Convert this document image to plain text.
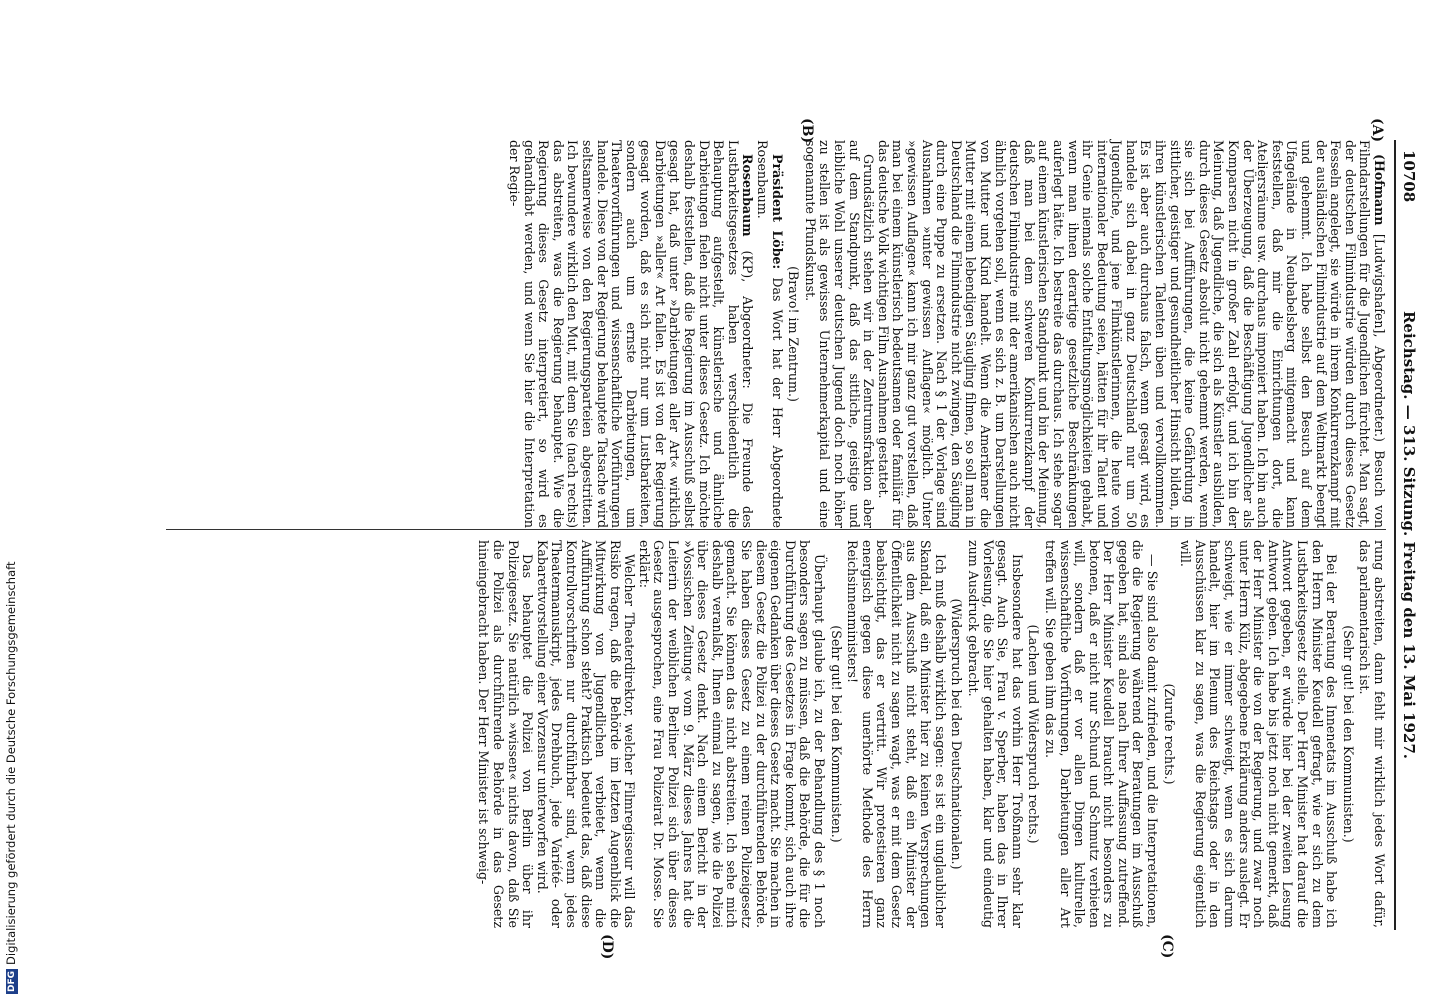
10708
Reichstag. — 313. Sitzung. Freitag den 13. Mai 1927.
(A)
(B)
(C)
(D)

(Hofmann [Ludwigshafen], Abgeordneter.) Besuch von Filmdarstellungen für die Jugendlichen fürchtet. Man sagt, der deutschen Filmindustrie würden durch dieses Gesetz Fesseln angelegt, sie würde in ihrem Konkurrenzkampf mit der ausländischen Filmindustrie auf dem Weltmarkt beengt und gehemmt. Ich habe selbst den Besuch auf dem Ufagelände in Neubabelsberg mitgemacht und kann feststellen, daß mir die Einrichtungen dort, die Ateliersräume usw. durchaus imponiert haben. Ich bin auch der Überzeugung, daß die Beschäftigung Jugendlicher als Komparsen nicht in großer Zahl erfolgt, und ich bin der Meinung, daß Jugendliche, die sich als Künstler ausbilden, durch dieses Gesetz absolut nicht gehemmt werden, wenn sie sich bei Aufführungen, die keine Gefährdung in sittlicher, geistiger und gesundheitlicher Hinsicht bilden, in ihren künstlerischen Talenten üben und vervollkommnen. Es ist aber auch durchaus falsch, wenn gesagt wird, es handele sich dabei in ganz Deutschland nur um 50 Jugendliche, und jene Filmkünstlerinnen, die heute von internationaler Bedeutung seien, hätten für ihr Talent und ihr Genie niemals solche Entfaltungsmöglichkeiten gehabt, wenn man ihnen derartige gesetzliche Beschränkungen auferlegt hätte. Ich bestreite das durchaus. Ich stehe sogar auf einem künstlerischen Standpunkt und bin der Meinung, daß man bei dem schweren Konkurrenzkampf der deutschen Filmindustrie mit der amerikanischen auch nicht ähnlich vorgehen soll, wenn es sich z. B. um Darstellungen von Mutter und Kind handelt. Wenn die Amerikaner die Mutter mit einem lebendigen Säugling filmen, so soll man in Deutschland die Filmindustrie nicht zwingen, den Säugling durch eine Puppe zu ersetzen. Nach § 1 der Vorlage sind Ausnahmen »unter gewissen Auflagen« möglich. Unter »gewissen Auflagen« kann ich mir ganz gut vorstellen, daß man bei einem künstlerisch bedeutsamen oder familiär für das deutsche Volk wichtigen Film Ausnahmen gestattet.

Grundsätzlich stehen wir in der Zentrumsfraktion aber auf dem Standpunkt, daß das sittliche, geistige und leibliche Wohl unserer deutschen Jugend doch noch höher zu stellen ist als gewisses Unternehmerkapital und eine sogenannte Pfundskunst.

(Bravo! im Zentrum.)

Präsident Löbe: Das Wort hat der Herr Abgeordnete Rosenbaum.

Rosenbaum (KP), Abgeordneter: Die Freunde des Lustbarkeitsgesetzes haben verschiedentlich die Behauptung aufgestellt, künstlerische und ähnliche Darbietungen fielen nicht unter dieses Gesetz. Ich möchte deshalb feststellen, daß die Regierung im Ausschuß selbst gesagt hat, daß unter »Darbietungen aller Art« wirklich Darbietungen »aller« Art fallen. Es ist von der Regierung gesagt worden, daß es sich nicht nur um Lustbarkeiten, sondern auch um ernste Darbietungen, um Theatervorführungen und wissenschaftliche Vorführungen handele. Diese von der Regierung behauptete Tatsache wird seltsamerweise von den Regierungsparteien abgestritten. Ich bewundere wirklich den Mut, mit dem Sie (nach rechts) das abstreiten, was die Regierung behauptet. Wie die Regierung dieses Gesetz interpretiert, so wird es gehandhabt werden, und wenn Sie hier die Interpretation der Regie-

rung abstreiten, dann fehlt mir wirklich jedes Wort dafür, das parlamentarisch ist.

(Sehr gut! bei den Kommunisten.)

Bei der Beratung des Innenetats im Ausschuß habe ich den Herrn Minister Keudell gefragt, wie er sich zu dem Lustbarkeitsgesetz stelle. Der Herr Minister hat darauf die Antwort gegeben, er würde hier bei der zweiten Lesung Antwort geben. Ich habe bis jetzt noch nicht gemerkt, daß der Herr Minister die von der Regierung, und zwar noch unter Herrn Külz, abgegebene Erklärung anders auslegt. Er schweigt, wie er immer schweigt, wenn es sich darum handelt, hier im Plenum des Reichstags oder in den Ausschüssen klar zu sagen, was die Regierung eigentlich will.

(Zurufe rechts.)

— Sie sind also damit zufrieden, und die Interpretationen, die die Regierung während der Beratungen im Ausschuß gegeben hat, sind also nach Ihrer Auffassung zutreffend. Der Herr Minister Keudell braucht nicht besonders zu betonen, daß er nicht nur Schund und Schmutz verbieten will, sondern daß er vor allen Dingen kulturelle, wissenschaftliche Vorführungen, Darbietungen aller Art treffen will. Sie geben ihm das zu.

(Lachen und Widerspruch rechts.)

Insbesondere hat das vorhin Herr Troßmann sehr klar gesagt. Auch Sie, Frau v. Sperber, haben das in Ihrer Vorlesung, die Sie hier gehalten haben, klar und eindeutig zum Ausdruck gebracht.

(Widerspruch bei den Deutschnationalen.)

Ich muß deshalb wirklich sagen: es ist ein unglaublicher Skandal, daß ein Minister hier zu keinen Versprechungen aus dem Ausschuß nicht steht, daß ein Minister der Öffentlichkeit nicht zu sagen wagt, was er mit dem Gesetz beabsichtigt, das er vertritt. Wir protestieren ganz energisch gegen diese unerhörte Methode des Herrn Reichsinnenministers!

(Sehr gut! bei den Kommunisten.)

Überhaupt glaube ich, zu der Behandlung des § 1 noch besonders sagen zu müssen, daß die Behörde, die für die Durchführung des Gesetzes in Frage kommt, sich auch ihre eigenen Gedanken über dieses Gesetz macht. Sie machen in diesem Gesetz die Polizei zu der durchführenden Behörde. Sie haben dieses Gesetz zu einem reinen Polizeigesetz gemacht. Sie können das nicht abstreiten. Ich sehe mich deshalb veranlaßt, Ihnen einmal zu sagen, wie die Polizei über dieses Gesetz denkt. Nach einem Bericht in der »Vossischen Zeitung« vom 9. März dieses Jahres hat die Leiterin der weiblichen Berliner Polizei sich über dieses Gesetz ausgesprochen, eine Frau Polizeirat Dr. Mosse. Sie erklärt:

Welcher Theaterdirektor, welcher Filmregisseur will das Risiko tragen, daß die Behörde im letzten Augenblick die Mitwirkung von Jugendlichen verbietet, wenn die Aufführung schon steht? Praktisch bedeutet das, daß diese Kontrollvorschriften nur durchführbar sind, wenn jedes Theatermanuskript, jedes Drehbuch, jede Variété- oder Kabarettvorstellung einer Vorzensur unterworfen wird.

Das behauptet die Polizei von Berlin über ihr Polizeigesetz. Sie natürlich »wissen« nichts davon, daß Sie die Polizei als durchführende Behörde in das Gesetz hineingebracht haben. Der Herr Minister ist schweig-

DFGDigitalisierung gefördert durch die Deutsche Forschungsgemeinschaft
